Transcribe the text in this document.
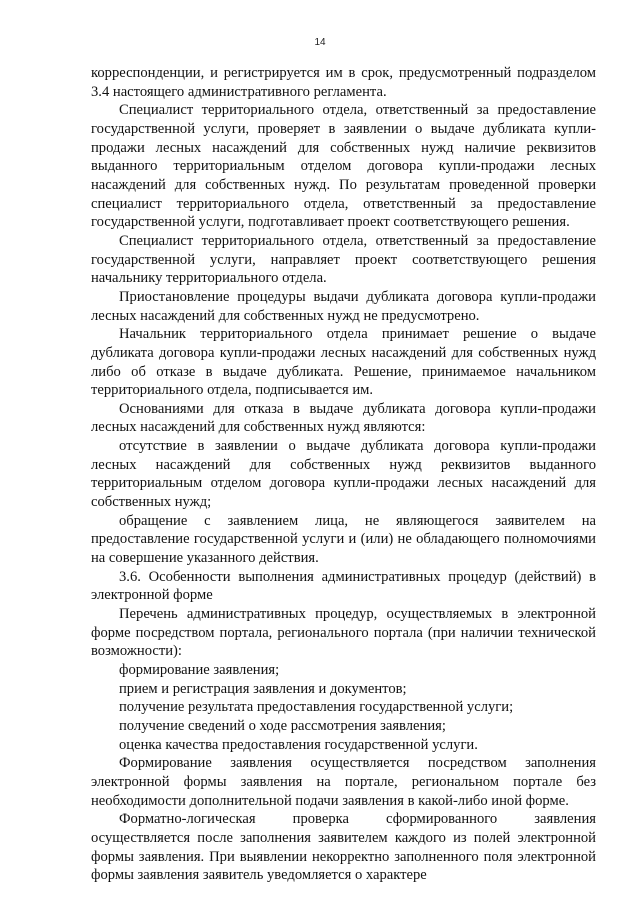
14

корреспонденции, и регистрируется им в срок, предусмотренный подразделом 3.4 настоящего административного регламента.

Специалист территориального отдела, ответственный за предоставление государственной услуги, проверяет в заявлении о выдаче дубликата купли-продажи лесных насаждений для собственных нужд наличие реквизитов выданного территориальным отделом договора купли-продажи лесных насаждений для собственных нужд. По результатам проведенной проверки специалист территориального отдела, ответственный за предоставление государственной услуги, подготавливает проект соответствующего решения.

Специалист территориального отдела, ответственный за предоставление государственной услуги, направляет проект соответствующего решения начальнику территориального отдела.

Приостановление процедуры выдачи дубликата договора купли-продажи лесных насаждений для собственных нужд не предусмотрено.

Начальник территориального отдела принимает решение о выдаче дубликата договора купли-продажи лесных насаждений для собственных нужд либо об отказе в выдаче дубликата. Решение, принимаемое начальником территориального отдела, подписывается им.

Основаниями для отказа в выдаче дубликата договора купли-продажи лесных насаждений для собственных нужд являются:

отсутствие в заявлении о выдаче дубликата договора купли-продажи лесных насаждений для собственных нужд реквизитов выданного территориальным отделом договора купли-продажи лесных насаждений для собственных нужд;

обращение с заявлением лица, не являющегося заявителем на предоставление государственной услуги и (или) не обладающего полномочиями на совершение указанного действия.

3.6. Особенности выполнения административных процедур (действий) в электронной форме

Перечень административных процедур, осуществляемых в электронной форме посредством портала, регионального портала (при наличии технической возможности):

формирование заявления;

прием и регистрация заявления и документов;

получение результата предоставления государственной услуги;

получение сведений о ходе рассмотрения заявления;

оценка качества предоставления государственной услуги.

Формирование заявления осуществляется посредством заполнения электронной формы заявления на портале, региональном портале без необходимости дополнительной подачи заявления в какой-либо иной форме.

Форматно-логическая проверка сформированного заявления осуществляется после заполнения заявителем каждого из полей электронной формы заявления. При выявлении некорректно заполненного поля электронной формы заявления заявитель уведомляется о характере
